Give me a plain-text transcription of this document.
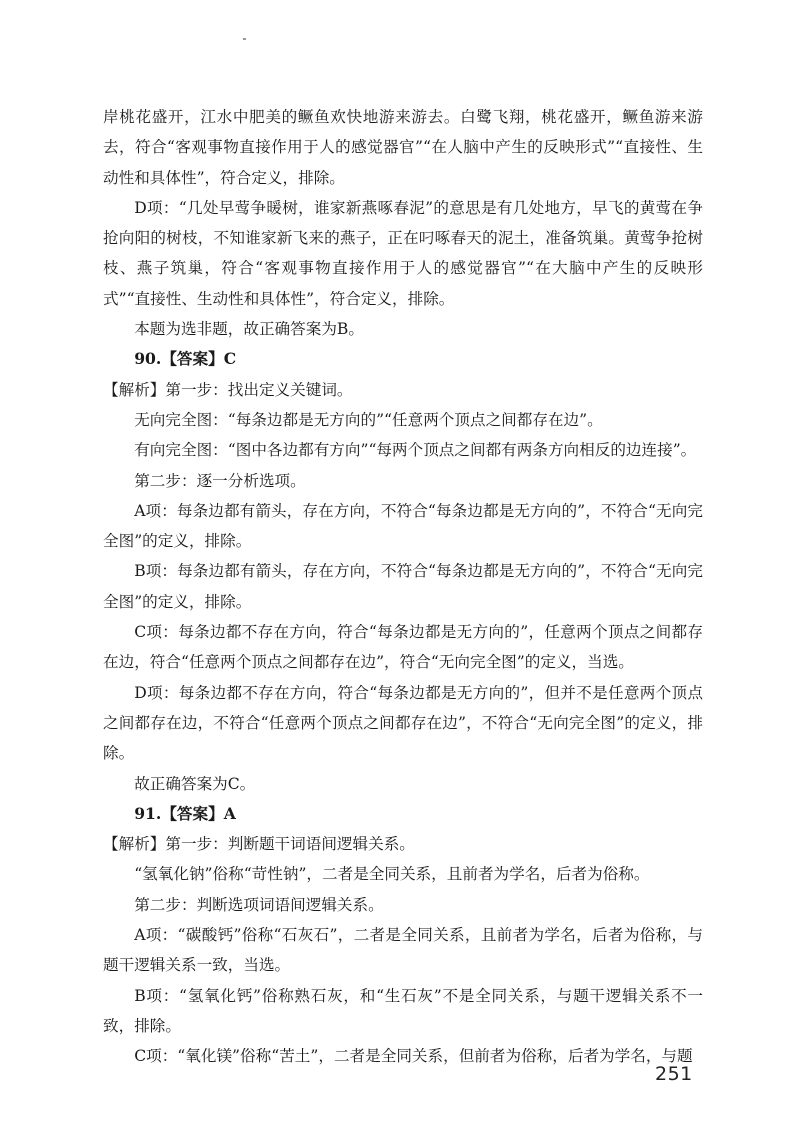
岸桃花盛开，江水中肥美的鳜鱼欢快地游来游去。白鹭飞翔，桃花盛开，鳜鱼游来游去，符合“客观事物直接作用于人的感觉器官”“在人脑中产生的反映形式”“直接性、生动性和具体性”，符合定义，排除。

D项：“几处早莺争暖树，谁家新燕啄春泥”的意思是有几处地方，早飞的黄莺在争抢向阳的树枝，不知谁家新飞来的燕子，正在叼啄春天的泥土，准备筑巢。黄莺争抢树枝、燕子筑巢，符合“客观事物直接作用于人的感觉器官”“在大脑中产生的反映形式”“直接性、生动性和具体性”，符合定义，排除。

本题为选非题，故正确答案为B。

90.【答案】C

【解析】第一步：找出定义关键词。

无向完全图：“每条边都是无方向的”“任意两个顶点之间都存在边”。

有向完全图：“图中各边都有方向”“每两个顶点之间都有两条方向相反的边连接”。

第二步：逐一分析选项。

A项：每条边都有箭头，存在方向，不符合“每条边都是无方向的”，不符合“无向完全图”的定义，排除。

B项：每条边都有箭头，存在方向，不符合“每条边都是无方向的”，不符合“无向完全图”的定义，排除。

C项：每条边都不存在方向，符合“每条边都是无方向的”，任意两个顶点之间都存在边，符合“任意两个顶点之间都存在边”，符合“无向完全图”的定义，当选。

D项：每条边都不存在方向，符合“每条边都是无方向的”，但并不是任意两个顶点之间都存在边，不符合“任意两个顶点之间都存在边”，不符合“无向完全图”的定义，排除。

故正确答案为C。

91.【答案】A

【解析】第一步：判断题干词语间逻辑关系。

“氢氧化钠”俗称“苛性钠”，二者是全同关系，且前者为学名，后者为俗称。

第二步：判断选项词语间逻辑关系。

A项：“碳酸钙”俗称“石灰石”，二者是全同关系，且前者为学名，后者为俗称，与题干逻辑关系一致，当选。

B项：“氢氧化钙”俗称熟石灰，和“生石灰”不是全同关系，与题干逻辑关系不一致，排除。

C项：“氧化镁”俗称“苦土”，二者是全同关系，但前者为俗称，后者为学名，与题

251
